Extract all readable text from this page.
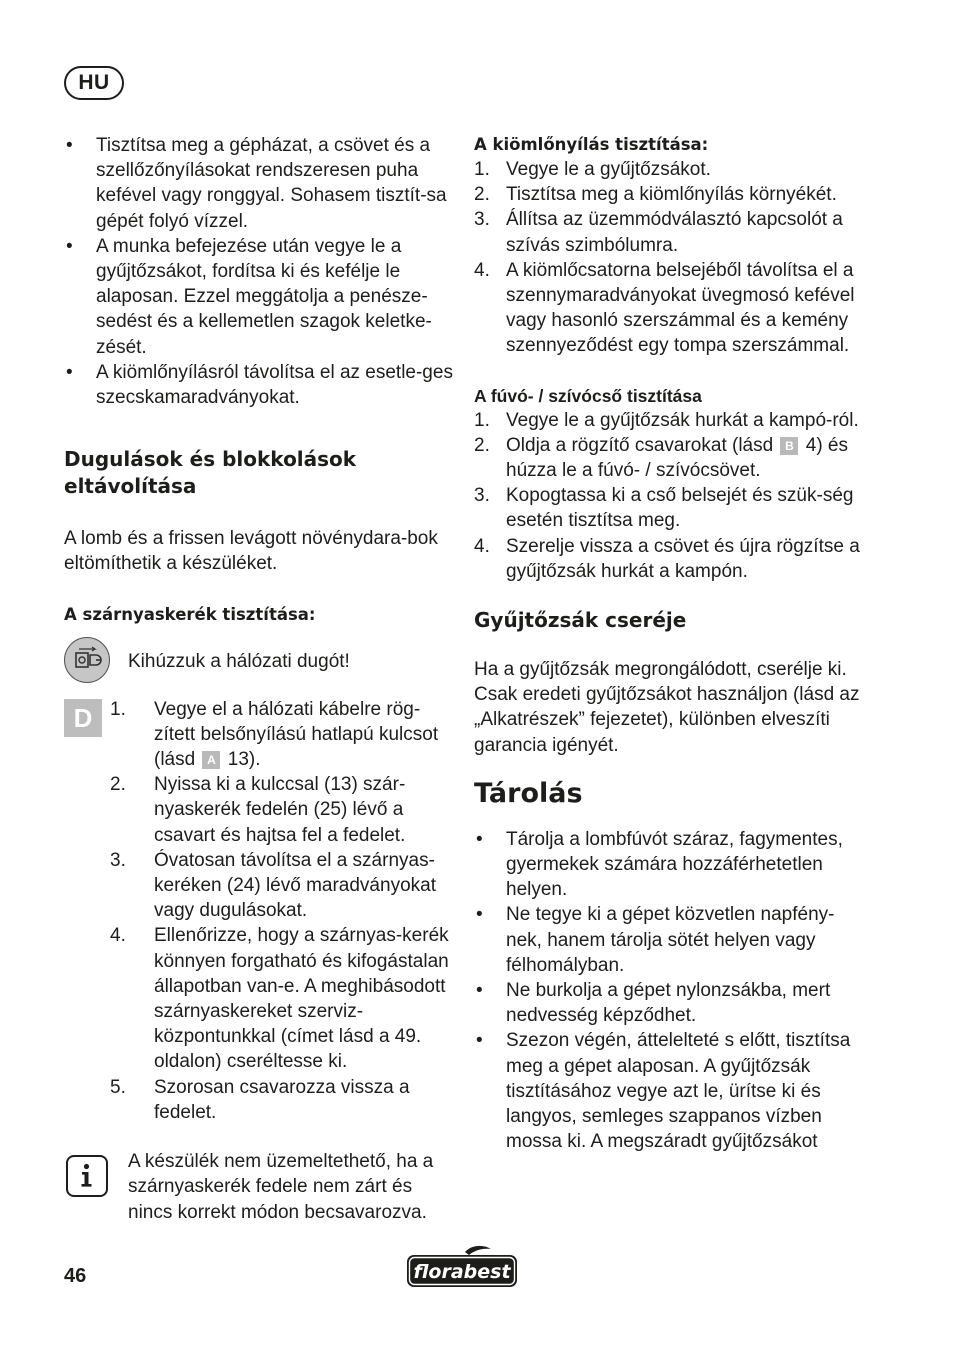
HU
• Tisztítsa meg a gépházat, a csövet és a szellőzőnyílásokat rendszeresen puha kefével vagy ronggyal. Sohasem tisztít-sa gépét folyó vízzel.
• A munka befejezése után vegye le a gyűjtőzsákot, fordítsa ki és kefélje le alaposan. Ezzel meggátolja a penésze-sedést és a kellemetlen szagok keletke-zését.
• A kiömlőnyílásról távolítsa el az esetle-ges szecskamaradványokat.
Dugulások és blokkolások eltávolítása

A lomb és a frissen levágott növénydara-bok eltömíthetik a készüléket.

A szárnyaskerék tisztítása:
Kihúzzuk a hálózati dugót!
D 1. Vegye el a hálózati kábelre rög-zített belsőnyílású hatlapú kulcsot (lásd A 13).
2. Nyissa ki a kulccsal (13) szár-nyaskerék fedelén (25) lévő a csavart és hajtsa fel a fedelet.
3. Óvatosan távolítsa el a szárnyas-keréken (24) lévő maradványokat vagy dugulásokat.
4. Ellenőrizze, hogy a szárnyas-kerék könnyen forgatható és kifogástalan állapotban van-e. A meghibásodott szárnyaskereket szerviz-központunkkal (címet lásd a 49. oldalon) cseréltesse ki.
5. Szorosan csavarozza vissza a fedelet.

A készülék nem üzemeltethető, ha a szárnyaskerék fedele nem zárt és nincs korrekt módon becsavarozva.

A kiömlőnyílás tisztítása:
1. Vegye le a gyűjtőzsákot.
2. Tisztítsa meg a kiömlőnyílás környékét.
3. Állítsa az üzemmódválasztó kapcsolót a szívás szimbólumra.
4. A kiömlőcsatorna belsejéből távolítsa el a szennymaradványokat üvegmosó kefével vagy hasonló szerszámmal és a kemény szennyeződést egy tompa szerszámmal.
A fúvó- / szívócső tisztítása
1. Vegye le a gyűjtőzsák hurkát a kampó-ról.
2. Oldja a rögzítő csavarokat (lásd B 4) és húzza le a fúvó- / szívócsövet.
3. Kopogtassa ki a cső belsejét és szük-ség esetén tisztítsa meg.
4. Szerelje vissza a csövet és újra rögzítse a gyűjtőzsák hurkát a kampón.
Gyűjtőzsák cseréje

Ha a gyűjtőzsák megrongálódott, cserélje ki. Csak eredeti gyűjtőzsákot használjon (lásd az „Alkatrészek” fejezetet), különben elveszíti garancia igényét.

Tárolás
• Tárolja a lombfúvót száraz, fagymentes, gyermekek számára hozzáférhetetlen helyen.
• Ne tegye ki a gépet közvetlen napfény-nek, hanem tárolja sötét helyen vagy félhomályban.
• Ne burkolja a gépet nylonzsákba, mert nedvesség képződhet.
• Szezon végén, áttelelteté s előtt, tisztítsa meg a gépet alaposan. A gyűjtőzsák tisztításához vegye azt le, ürítse ki és langyos, semleges szappanos vízben mossa ki. A megszáradt gyűjtőzsákot
46	florabest
